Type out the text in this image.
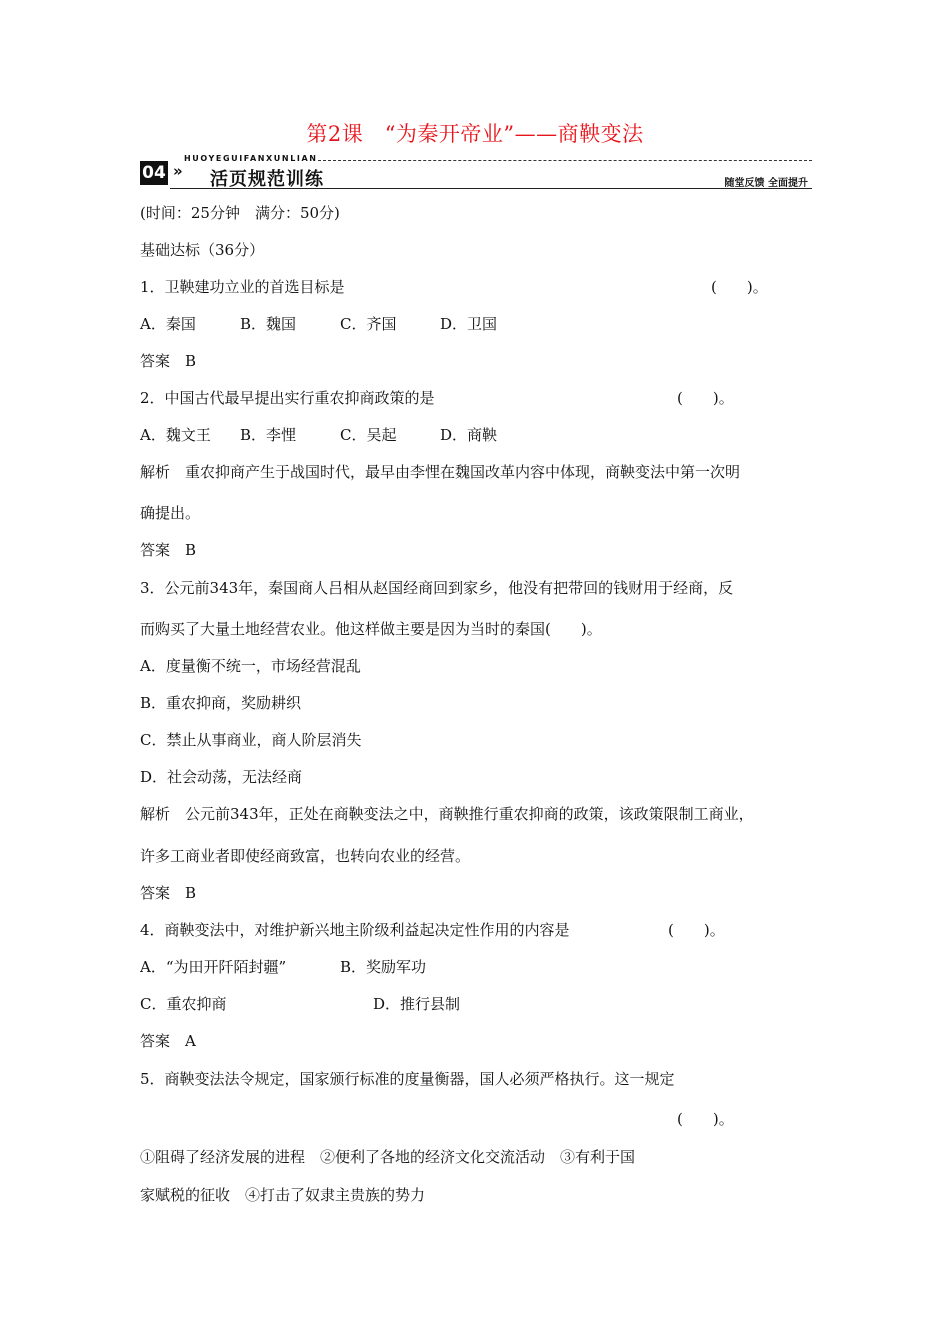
第2课　“为秦开帝业”——商鞅变法
HUOYEGUIFANXUNLIAN
04 » 活页规范训练	随堂反馈 全面提升
(时间：25分钟　满分：50分)
基础达标（36分）
1．卫鞅建功立业的首选目标是	(　　)。
A．秦国	B．魏国	C．齐国	D．卫国
答案　B
2．中国古代最早提出实行重农抑商政策的是	(　　)。
A．魏文王 B．李悝	C．吴起	D．商鞅
解析　重农抑商产生于战国时代，最早由李悝在魏国改革内容中体现，商鞅变法中第一次明
确提出。
答案　B
3．公元前343年，秦国商人吕相从赵国经商回到家乡，他没有把带回的钱财用于经商，反
而购买了大量土地经营农业。他这样做主要是因为当时的秦国(　　)。
A．度量衡不统一，市场经营混乱
B．重农抑商，奖励耕织
C．禁止从事商业，商人阶层消失
D．社会动荡，无法经商
解析　公元前343年，正处在商鞅变法之中，商鞅推行重农抑商的政策，该政策限制工商业，
许多工商业者即使经商致富，也转向农业的经营。
答案　B
4．商鞅变法中，对维护新兴地主阶级利益起决定性作用的内容是	(　　)。
A．“为田开阡陌封疆”	B．奖励军功
C．重农抑商	D．推行县制
答案　A
5．商鞅变法法令规定，国家颁行标准的度量衡器，国人必须严格执行。这一规定
(　　)。
①阻碍了经济发展的进程　②便利了各地的经济文化交流活动　③有利于国
家赋税的征收　④打击了奴隶主贵族的势力
